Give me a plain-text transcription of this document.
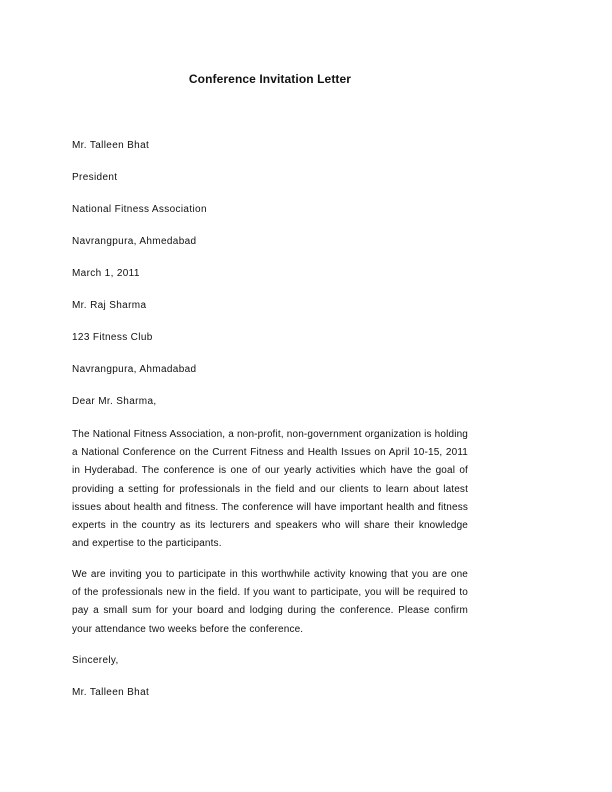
Conference Invitation Letter
Mr. Talleen Bhat
President
National Fitness Association
Navrangpura, Ahmedabad
March 1, 2011
Mr. Raj Sharma
123 Fitness Club
Navrangpura, Ahmadabad
Dear Mr. Sharma,
The National Fitness Association, a non-profit, non-government organization is holding a National Conference on the Current Fitness and Health Issues on April 10-15, 2011 in Hyderabad. The conference is one of our yearly activities which have the goal of providing a setting for professionals in the field and our clients to learn about latest issues about health and fitness. The conference will have important health and fitness experts in the country as its lecturers and speakers who will share their knowledge and expertise to the participants.
We are inviting you to participate in this worthwhile activity knowing that you are one of the professionals new in the field. If you want to participate, you will be required to pay a small sum for your board and lodging during the conference. Please confirm your attendance two weeks before the conference.
Sincerely,
Mr. Talleen Bhat
